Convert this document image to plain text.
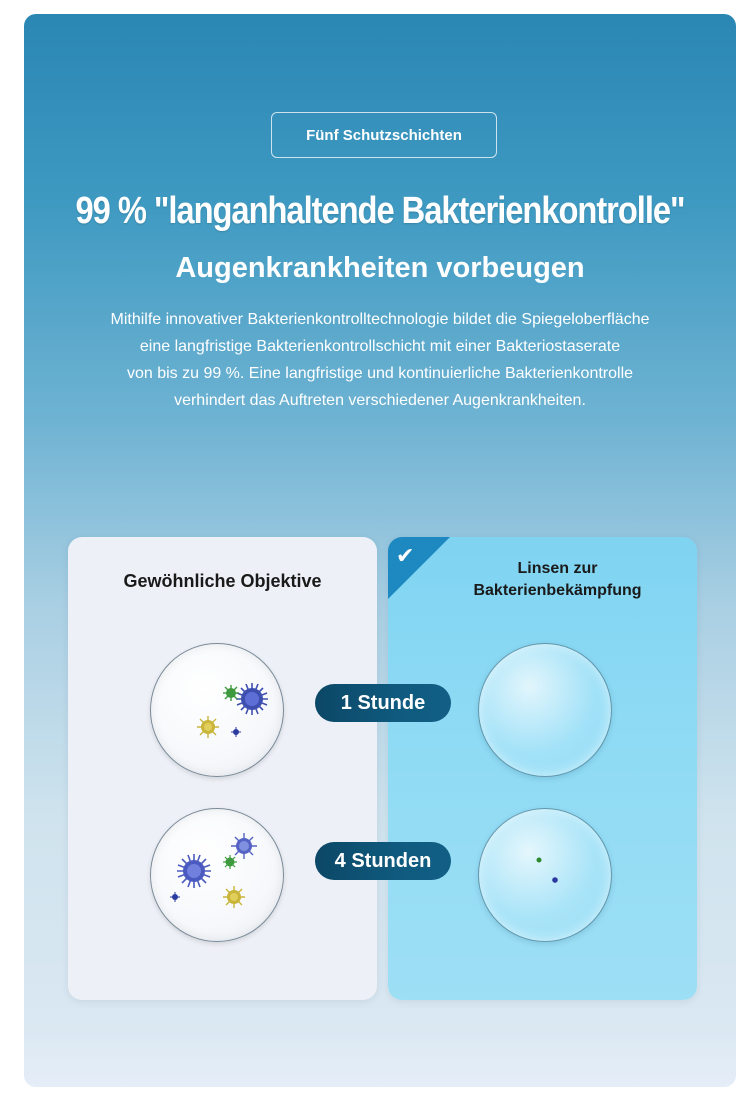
Fünf Schutzschichten
99 % "langanhaltende Bakterienkontrolle"
Augenkrankheiten vorbeugen
Mithilfe innovativer Bakterienkontrolltechnologie bildet die Spiegeloberfläche
eine langfristige Bakterienkontrollschicht mit einer Bakteriostaserate
von bis zu 99 %. Eine langfristige und kontinuierliche Bakterienkontrolle
verhindert das Auftreten verschiedener Augenkrankheiten.
Gewöhnliche Objektive
✔
Linsen zur
Bakterienbekämpfung
1 Stunde
4 Stunden
